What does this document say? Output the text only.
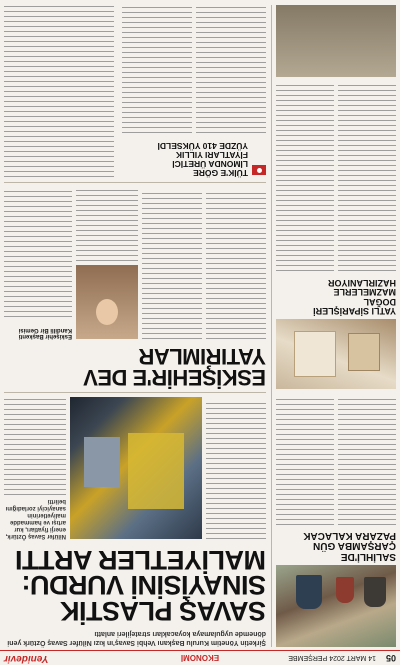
05
14 MART 2024 PERŞEMBE
EKONOMİ
Yenidevir
SALİHLİ'DE
ÇARŞAMBA GÜN
PAZARA KALACAK
YATLI SİPARİŞLERİ
DOĞAL
MAZMELERLE
HAZIRLANIYOR
Şirketin Yönetim Kurulu Başkanı Vehbi Savaş'ın kızı Nilüfer Savaş Öztürk yeni dönemde uygulamaya koyacakları stratejileri anlattı
SAVAŞ PLASTİK
SINAYİSİNİ VURDU:
MALİYETLER ARTTI
Nilüfer Savaş Öztürk, enerji fiyatları, kur artışı ve hammadde maliyetlerinin sanayiciyi zorladığını belirtti
ESKİŞEHİR'E DEV
YATIRIMLAR
Eskişehir Başkenti Kandilli Bir Gemisi
TÜİK'E GÖRE
LİMONDA ÜRETİCİ
FİYATLARI YILLIK
YÜZDE 410 YÜKSELDİ
